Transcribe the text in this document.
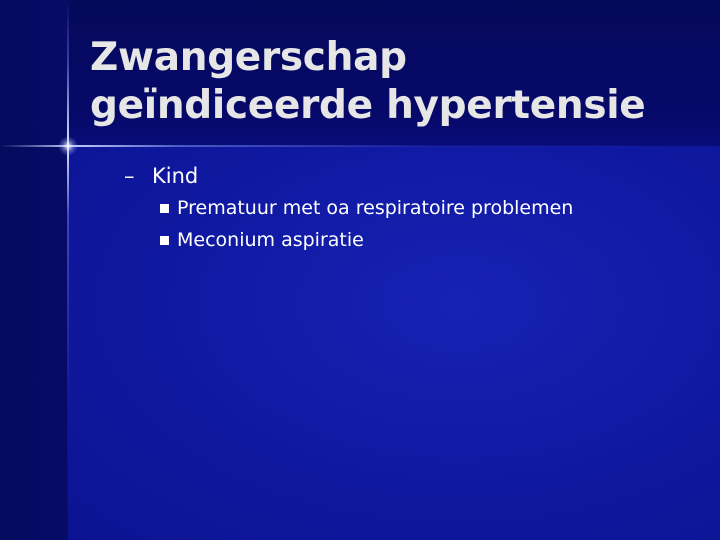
Zwangerschap
geïndiceerde hypertensie
– Kind
Prematuur met oa respiratoire problemen
Meconium aspiratie
